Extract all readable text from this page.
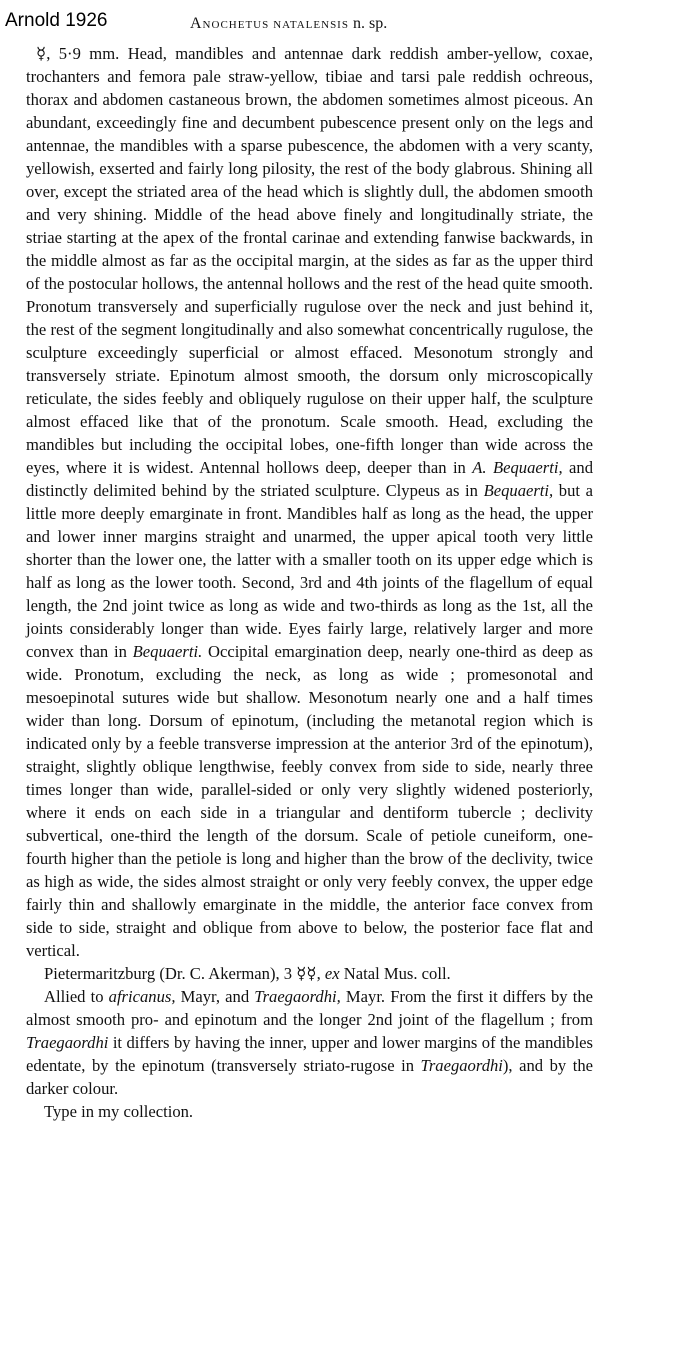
Arnold 1926	Anochetus natalensis n. sp.

☿, 5·9 mm. Head, mandibles and antennae dark reddish amber-yellow, coxae, trochanters and femora pale straw-yellow, tibiae and tarsi pale reddish ochreous, thorax and abdomen castaneous brown, the abdomen sometimes almost piceous. An abundant, exceedingly fine and decumbent pubescence present only on the legs and antennae, the mandibles with a sparse pubescence, the abdomen with a very scanty, yellowish, exserted and fairly long pilosity, the rest of the body glabrous. Shining all over, except the striated area of the head which is slightly dull, the abdomen smooth and very shining. Middle of the head above finely and longitudinally striate, the striae starting at the apex of the frontal carinae and extending fanwise backwards, in the middle almost as far as the occipital margin, at the sides as far as the upper third of the postocular hollows, the antennal hollows and the rest of the head quite smooth. Pronotum transversely and superficially rugulose over the neck and just behind it, the rest of the segment longitudinally and also somewhat concentrically rugulose, the sculpture exceedingly superficial or almost effaced. Mesonotum strongly and transversely striate. Epinotum almost smooth, the dorsum only microscopically reticulate, the sides feebly and obliquely rugulose on their upper half, the sculpture almost effaced like that of the pronotum. Scale smooth. Head, excluding the mandibles but including the occipital lobes, one-fifth longer than wide across the eyes, where it is widest. Antennal hollows deep, deeper than in A. Bequaerti, and distinctly delimited behind by the striated sculpture. Clypeus as in Bequaerti, but a little more deeply emarginate in front. Mandibles half as long as the head, the upper and lower inner margins straight and unarmed, the upper apical tooth very little shorter than the lower one, the latter with a smaller tooth on its upper edge which is half as long as the lower tooth. Second, 3rd and 4th joints of the flagellum of equal length, the 2nd joint twice as long as wide and two-thirds as long as the 1st, all the joints considerably longer than wide. Eyes fairly large, relatively larger and more convex than in Bequaerti. Occipital emargination deep, nearly one-third as deep as wide. Pronotum, excluding the neck, as long as wide ; promesonotal and mesoepinotal sutures wide but shallow. Mesonotum nearly one and a half times wider than long. Dorsum of epinotum, (including the metanotal region which is indicated only by a feeble transverse impression at the anterior 3rd of the epinotum), straight, slightly oblique lengthwise, feebly convex from side to side, nearly three times longer than wide, parallel-sided or only very slightly widened posteriorly, where it ends on each side in a triangular and dentiform tubercle ; declivity subvertical, one-third the length of the dorsum. Scale of petiole cuneiform, one-fourth higher than the petiole is long and higher than the brow of the declivity, twice as high as wide, the sides almost straight or only very feebly convex, the upper edge fairly thin and shallowly emarginate in the middle, the anterior face convex from side to side, straight and oblique from above to below, the posterior face flat and vertical.

Pietermaritzburg (Dr. C. Akerman), 3 ☿☿, ex Natal Mus. coll.

Allied to africanus, Mayr, and Traegaordhi, Mayr. From the first it differs by the almost smooth pro- and epinotum and the longer 2nd joint of the flagellum ; from Traegaordhi it differs by having the inner, upper and lower margins of the mandibles edentate, by the epinotum (transversely striato-rugose in Traegaordhi), and by the darker colour.

Type in my collection.
